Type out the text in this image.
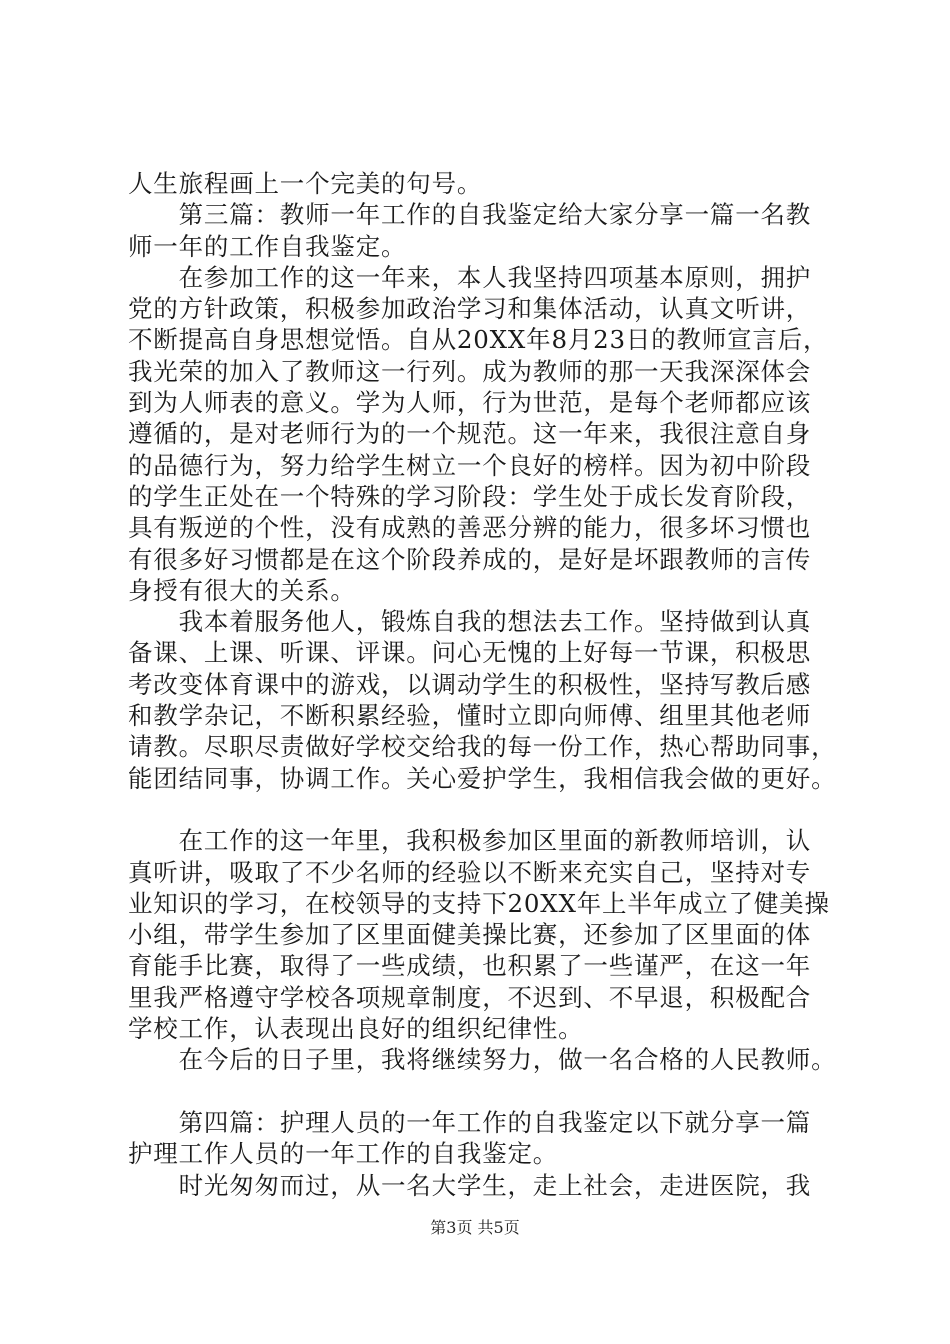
人生旅程画上一个完美的句号。
　　第三篇：教师一年工作的自我鉴定给大家分享一篇一名教
师一年的工作自我鉴定。
　　在参加工作的这一年来，本人我坚持四项基本原则，拥护
党的方针政策，积极参加政治学习和集体活动，认真文听讲，
不断提高自身思想觉悟。自从20XX年8月23日的教师宣言后，
我光荣的加入了教师这一行列。成为教师的那一天我深深体会
到为人师表的意义。学为人师，行为世范，是每个老师都应该
遵循的，是对老师行为的一个规范。这一年来，我很注意自身
的品德行为，努力给学生树立一个良好的榜样。因为初中阶段
的学生正处在一个特殊的学习阶段：学生处于成长发育阶段，
具有叛逆的个性，没有成熟的善恶分辨的能力，很多坏习惯也
有很多好习惯都是在这个阶段养成的，是好是坏跟教师的言传
身授有很大的关系。
　　我本着服务他人，锻炼自我的想法去工作。坚持做到认真
备课、上课、听课、评课。问心无愧的上好每一节课，积极思
考改变体育课中的游戏，以调动学生的积极性，坚持写教后感
和教学杂记，不断积累经验，懂时立即向师傅、组里其他老师
请教。尽职尽责做好学校交给我的每一份工作，热心帮助同事，
能团结同事，协调工作。关心爱护学生，我相信我会做的更好。
　　在工作的这一年里，我积极参加区里面的新教师培训，认
真听讲，吸取了不少名师的经验以不断来充实自己，坚持对专
业知识的学习，在校领导的支持下20XX年上半年成立了健美操
小组，带学生参加了区里面健美操比赛，还参加了区里面的体
育能手比赛，取得了一些成绩，也积累了一些谨严，在这一年
里我严格遵守学校各项规章制度，不迟到、不早退，积极配合
学校工作，认表现出良好的组织纪律性。
　　在今后的日子里，我将继续努力，做一名合格的人民教师。
　　第四篇：护理人员的一年工作的自我鉴定以下就分享一篇
护理工作人员的一年工作的自我鉴定。
　　时光匆匆而过，从一名大学生，走上社会，走进医院，我
第3页 共5页
